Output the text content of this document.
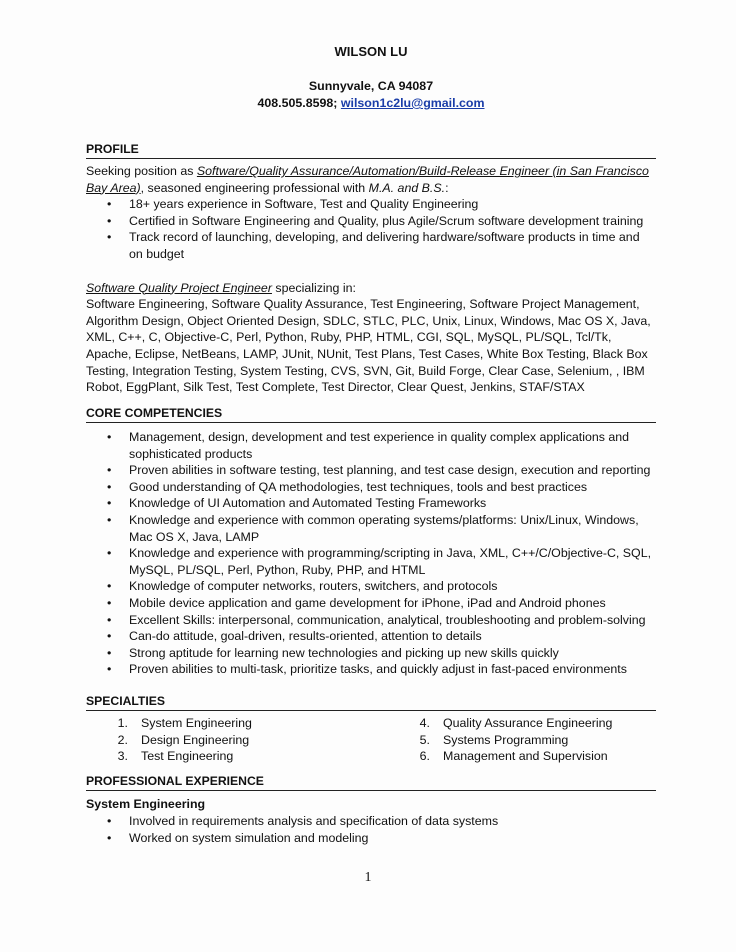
WILSON LU
Sunnyvale, CA 94087
408.505.8598; wilson1c2lu@gmail.com
PROFILE

Seeking position as Software/Quality Assurance/Automation/Build-Release Engineer (in San Francisco Bay Area), seasoned engineering professional with M.A. and B.S.:

• 18+ years experience in Software, Test and Quality Engineering
• Certified in Software Engineering and Quality, plus Agile/Scrum software development training
• Track record of launching, developing, and delivering hardware/software products in time and on budget

Software Quality Project Engineer specializing in:

Software Engineering, Software Quality Assurance, Test Engineering, Software Project Management, Algorithm Design, Object Oriented Design, SDLC, STLC, PLC, Unix, Linux, Windows, Mac OS X, Java, XML, C++, C, Objective-C, Perl, Python, Ruby, PHP, HTML, CGI, SQL, MySQL, PL/SQL, Tcl/Tk, Apache, Eclipse, NetBeans, LAMP, JUnit, NUnit, Test Plans, Test Cases, White Box Testing, Black Box Testing, Integration Testing, System Testing, CVS, SVN, Git, Build Forge, Clear Case, Selenium, , IBM Robot, EggPlant, Silk Test, Test Complete, Test Director, Clear Quest, Jenkins, STAF/STAX

CORE COMPETENCIES
• Management, design, development and test experience in quality complex applications and sophisticated products
• Proven abilities in software testing, test planning, and test case design, execution and reporting
• Good understanding of QA methodologies, test techniques, tools and best practices
• Knowledge of UI Automation and Automated Testing Frameworks
• Knowledge and experience with common operating systems/platforms: Unix/Linux, Windows, Mac OS X, Java, LAMP
• Knowledge and experience with programming/scripting in Java, XML, C++/C/Objective-C, SQL, MySQL, PL/SQL, Perl, Python, Ruby, PHP, and HTML
• Knowledge of computer networks, routers, switchers, and protocols
• Mobile device application and game development for iPhone, iPad and Android phones
• Excellent Skills: interpersonal, communication, analytical, troubleshooting and problem-solving
• Can-do attitude, goal-driven, results-oriented, attention to details
• Strong aptitude for learning new technologies and picking up new skills quickly
• Proven abilities to multi-task, prioritize tasks, and quickly adjust in fast-paced environments
SPECIALTIES
1. System Engineering
2. Design Engineering
3. Test Engineering
4. Quality Assurance Engineering
5. Systems Programming
6. Management and Supervision
PROFESSIONAL EXPERIENCE
System Engineering
• Involved in requirements analysis and specification of data systems
• Worked on system simulation and modeling
1
